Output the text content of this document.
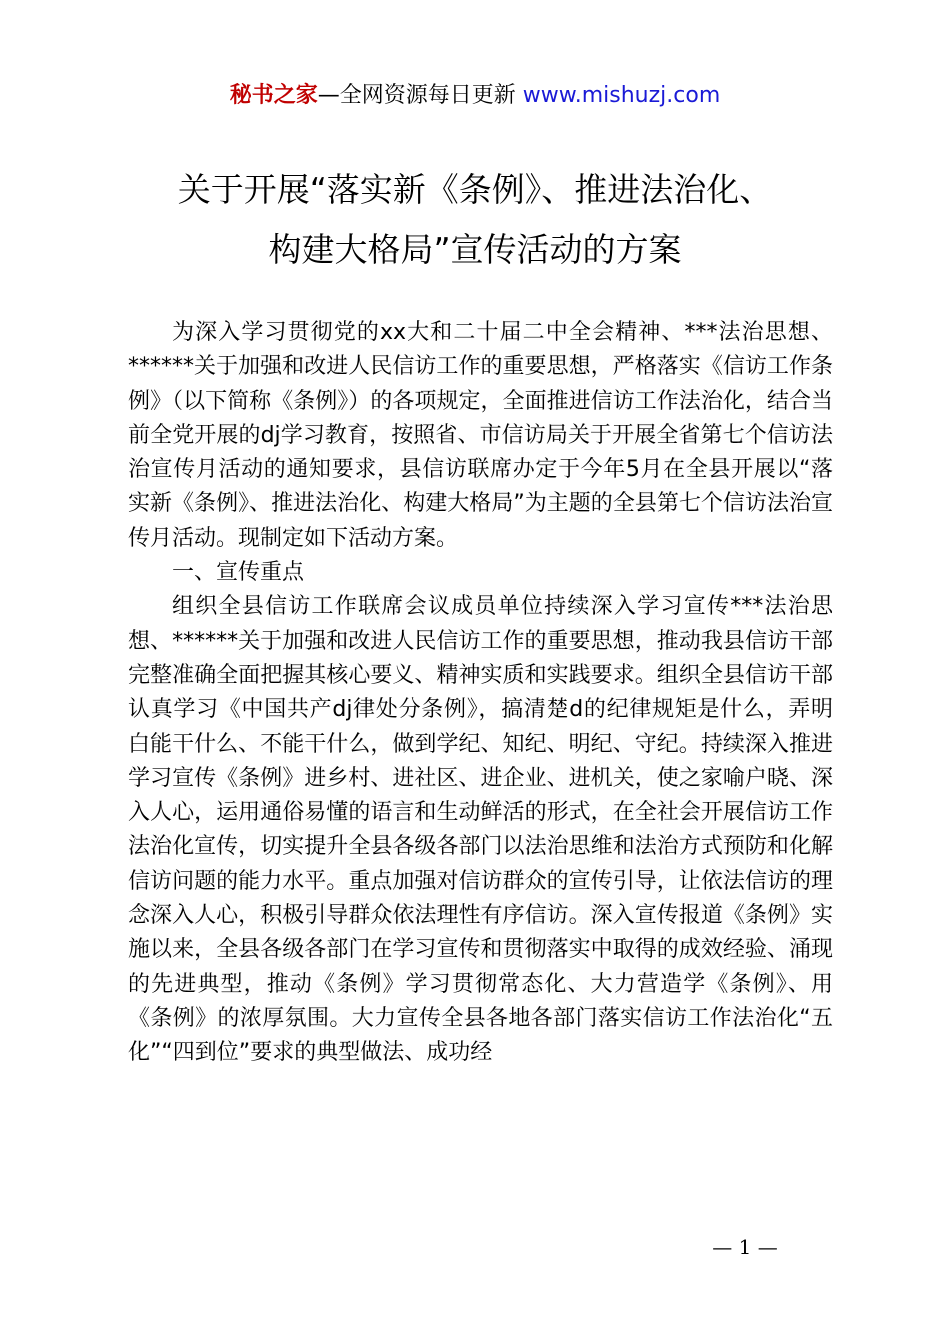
秘书之家—全网资源每日更新 www.mishuzj.com
关于开展“落实新《条例》、推进法治化、
构建大格局”宣传活动的方案

为深入学习贯彻党的xx大和二十届二中全会精神、***法治思想、******关于加强和改进人民信访工作的重要思想，严格落实《信访工作条例》（以下简称《条例》）的各项规定，全面推进信访工作法治化，结合当前全党开展的dj学习教育，按照省、市信访局关于开展全省第七个信访法治宣传月活动的通知要求，县信访联席办定于今年5月在全县开展以“落实新《条例》、推进法治化、构建大格局”为主题的全县第七个信访法治宣传月活动。现制定如下活动方案。

一、宣传重点

组织全县信访工作联席会议成员单位持续深入学习宣传***法治思想、******关于加强和改进人民信访工作的重要思想，推动我县信访干部完整准确全面把握其核心要义、精神实质和实践要求。组织全县信访干部认真学习《中国共产dj律处分条例》，搞清楚d的纪律规矩是什么，弄明白能干什么、不能干什么，做到学纪、知纪、明纪、守纪。持续深入推进学习宣传《条例》进乡村、进社区、进企业、进机关，使之家喻户晓、深入人心，运用通俗易懂的语言和生动鲜活的形式，在全社会开展信访工作法治化宣传，切实提升全县各级各部门以法治思维和法治方式预防和化解信访问题的能力水平。重点加强对信访群众的宣传引导，让依法信访的理念深入人心，积极引导群众依法理性有序信访。深入宣传报道《条例》实施以来，全县各级各部门在学习宣传和贯彻落实中取得的成效经验、涌现的先进典型，推动《条例》学习贯彻常态化、大力营造学《条例》、用《条例》的浓厚氛围。大力宣传全县各地各部门落实信访工作法治化“五化”“四到位”要求的典型做法、成功经

— 1 —
